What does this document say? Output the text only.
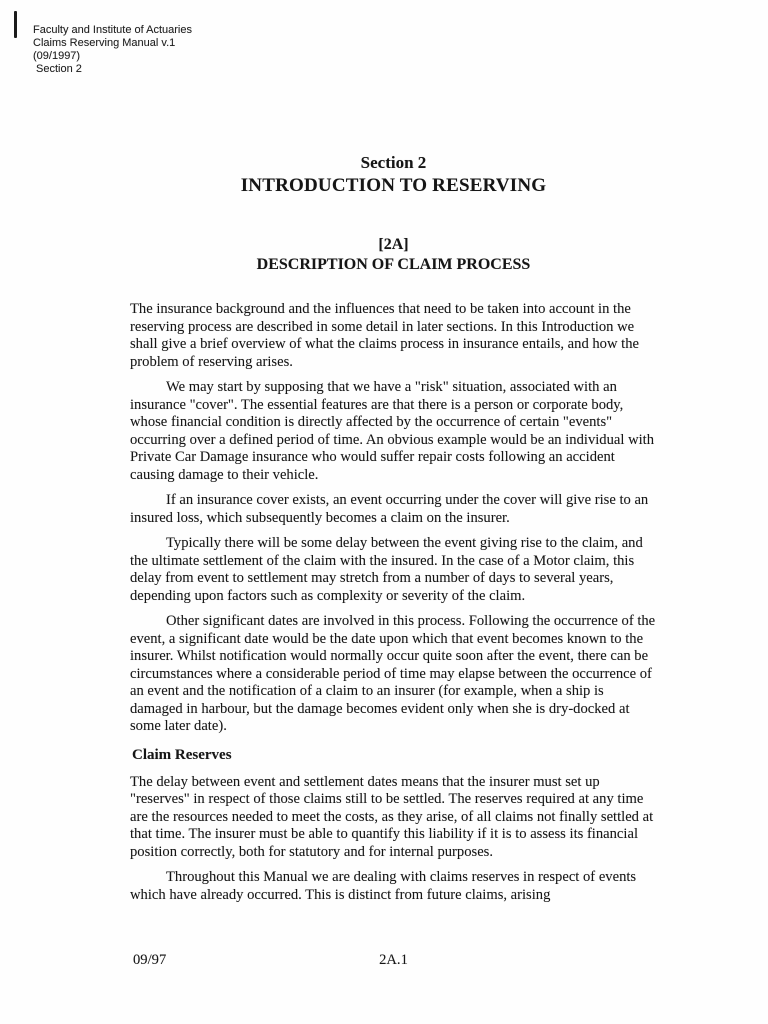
Faculty and Institute of Actuaries
Claims Reserving Manual v.1
(09/1997)
Section 2
Section 2
INTRODUCTION TO RESERVING
[2A]
DESCRIPTION OF CLAIM PROCESS

The insurance background and the influences that need to be taken into account in the reserving process are described in some detail in later sections. In this Introduction we shall give a brief overview of what the claims process in insurance entails, and how the problem of reserving arises.

We may start by supposing that we have a "risk" situation, associated with an insurance "cover". The essential features are that there is a person or corporate body, whose financial condition is directly affected by the occurrence of certain "events" occurring over a defined period of time. An obvious example would be an individual with Private Car Damage insurance who would suffer repair costs following an accident causing damage to their vehicle.

If an insurance cover exists, an event occurring under the cover will give rise to an insured loss, which subsequently becomes a claim on the insurer.

Typically there will be some delay between the event giving rise to the claim, and the ultimate settlement of the claim with the insured. In the case of a Motor claim, this delay from event to settlement may stretch from a number of days to several years, depending upon factors such as complexity or severity of the claim.

Other significant dates are involved in this process. Following the occurrence of the event, a significant date would be the date upon which that event becomes known to the insurer. Whilst notification would normally occur quite soon after the event, there can be circumstances where a considerable period of time may elapse between the occurrence of an event and the notification of a claim to an insurer (for example, when a ship is damaged in harbour, but the damage becomes evident only when she is dry-docked at some later date).

Claim Reserves

The delay between event and settlement dates means that the insurer must set up "reserves" in respect of those claims still to be settled. The reserves required at any time are the resources needed to meet the costs, as they arise, of all claims not finally settled at that time. The insurer must be able to quantify this liability if it is to assess its financial position correctly, both for statutory and for internal purposes.

Throughout this Manual we are dealing with claims reserves in respect of events which have already occurred. This is distinct from future claims, arising

09/97	2A.1
